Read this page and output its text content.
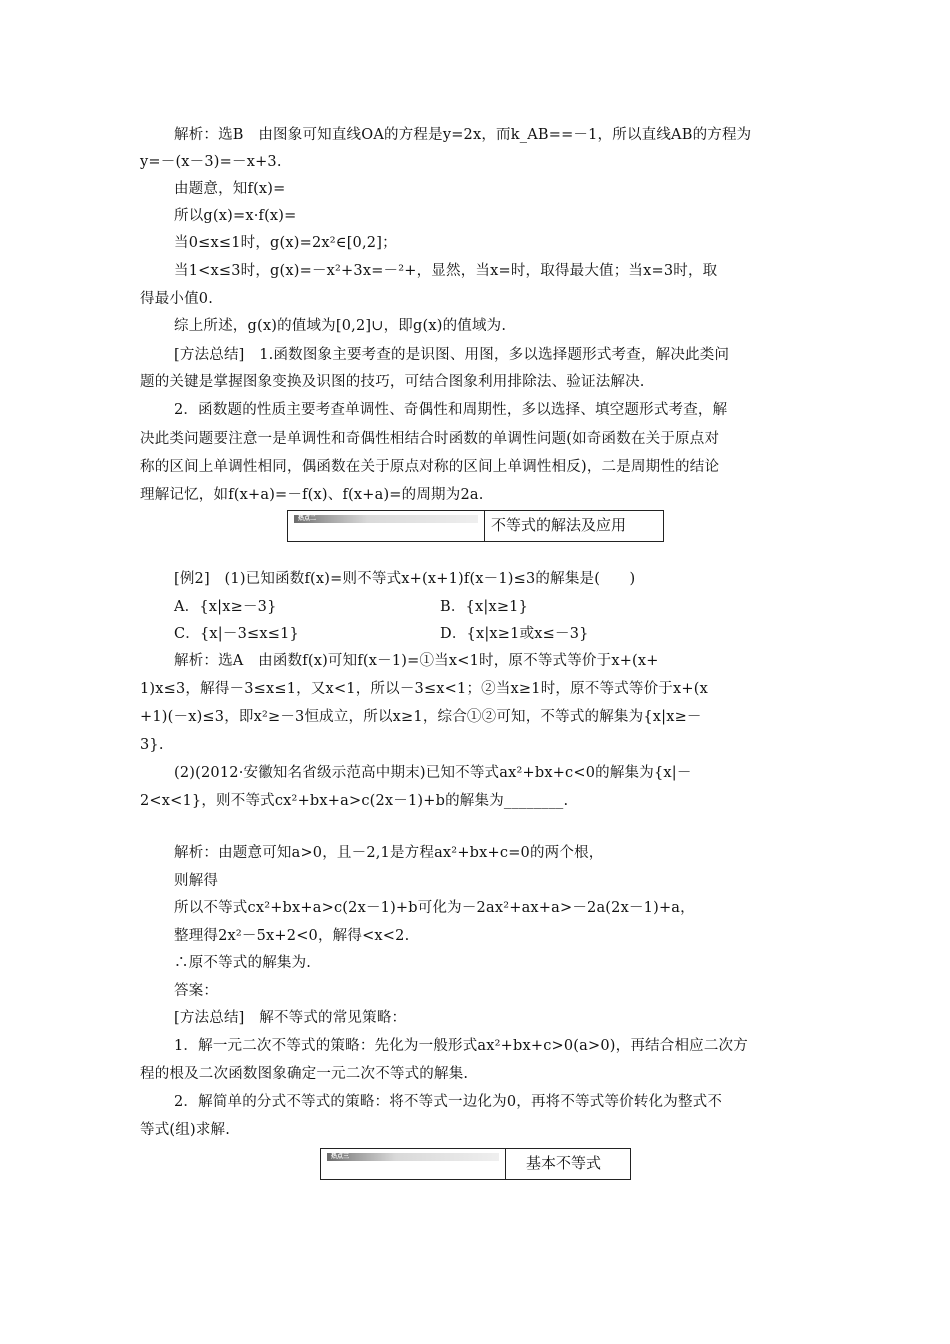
解析：选B　由图象可知直线OA的方程是y=2x，而k_AB==－1，所以直线AB的方程为
y=－(x－3)=－x+3.
由题意，知f(x)=
所以g(x)=x·f(x)=
当0≤x≤1时，g(x)=2x²∈[0,2]；
当1<x≤3时，g(x)=－x²+3x=－²+，显然，当x=时，取得最大值；当x=3时，取
得最小值0.
综上所述，g(x)的值域为[0,2]∪，即g(x)的值域为.
[方法总结]　1.函数图象主要考查的是识图、用图，多以选择题形式考查，解决此类问
题的关键是掌握图象变换及识图的技巧，可结合图象利用排除法、验证法解决.
2．函数题的性质主要考查单调性、奇偶性和周期性，多以选择、填空题形式考查，解
决此类问题要注意一是单调性和奇偶性相结合时函数的单调性问题(如奇函数在关于原点对
称的区间上单调性相同，偶函数在关于原点对称的区间上单调性相反)，二是周期性的结论
理解记忆，如f(x+a)=－f(x)、f(x+a)=的周期为2a.
热点二	不等式的解法及应用
[例2]　(1)已知函数f(x)=则不等式x+(x+1)f(x－1)≤3的解集是(　　)
A．{x|x≥－3}	B．{x|x≥1}
C．{x|－3≤x≤1}	D．{x|x≥1或x≤－3}
解析：选A　由函数f(x)可知f(x－1)=①当x<1时，原不等式等价于x+(x+
1)x≤3，解得－3≤x≤1，又x<1，所以－3≤x<1；②当x≥1时，原不等式等价于x+(x
+1)(－x)≤3，即x²≥－3恒成立，所以x≥1，综合①②可知，不等式的解集为{x|x≥－
3}.
(2)(2012·安徽知名省级示范高中期末)已知不等式ax²+bx+c<0的解集为{x|－
2<x<1}，则不等式cx²+bx+a>c(2x－1)+b的解集为________.
解析：由题意可知a>0，且－2,1是方程ax²+bx+c=0的两个根，
则解得
所以不等式cx²+bx+a>c(2x－1)+b可化为－2ax²+ax+a>－2a(2x－1)+a，
整理得2x²－5x+2<0，解得<x<2.
∴原不等式的解集为.
答案：
[方法总结]　解不等式的常见策略：
1．解一元二次不等式的策略：先化为一般形式ax²+bx+c>0(a>0)，再结合相应二次方
程的根及二次函数图象确定一元二次不等式的解集.
2．解简单的分式不等式的策略：将不等式一边化为0，再将不等式等价转化为整式不
等式(组)求解.
热点三	基本不等式
